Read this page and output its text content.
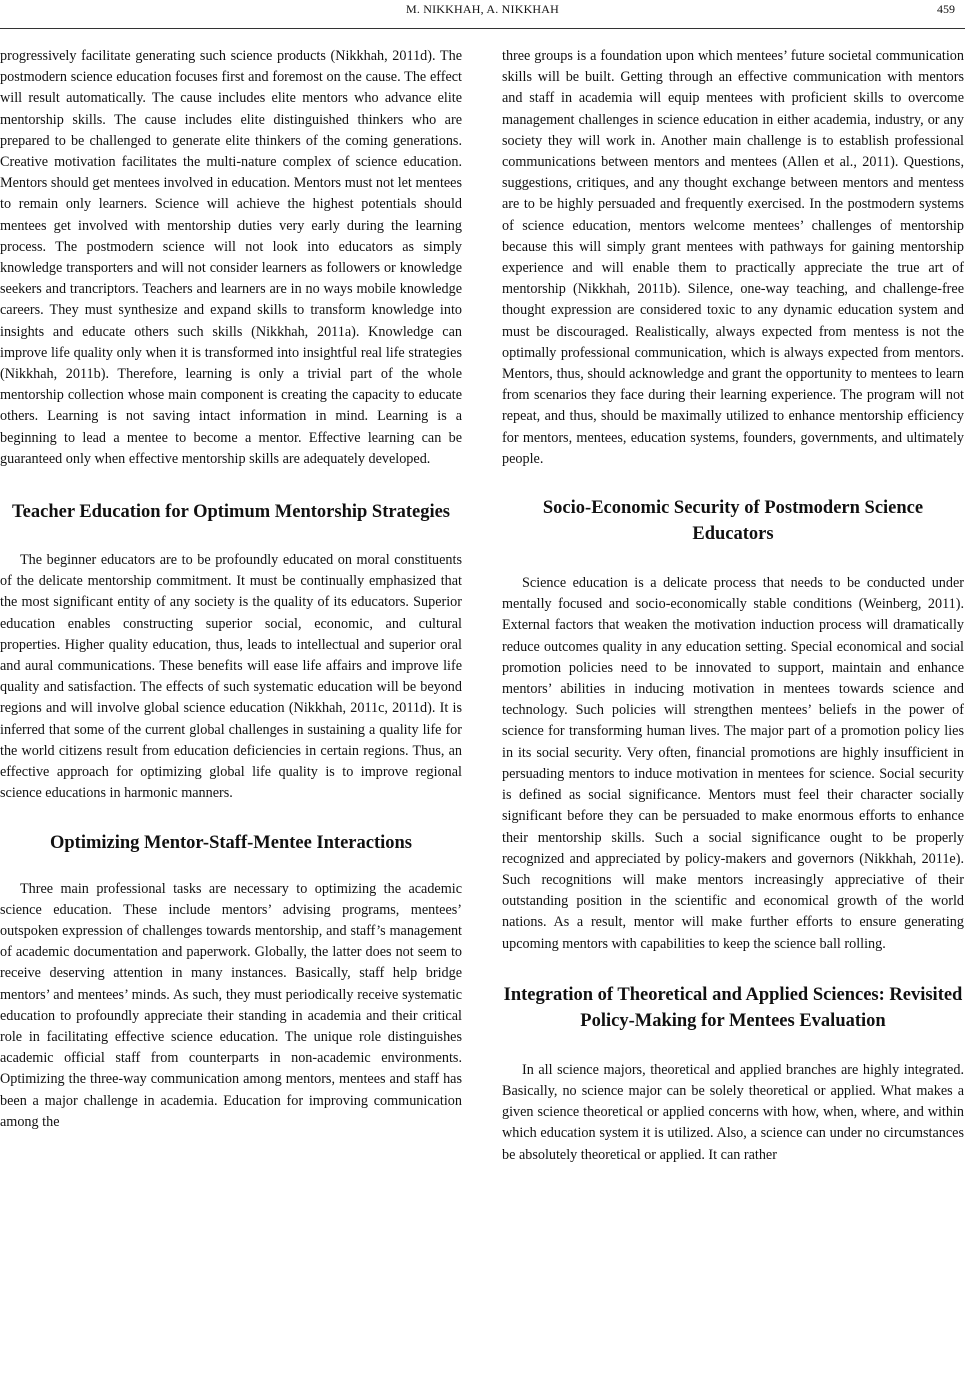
M. NIKKHAH, A. NIKKHAH	459

progressively facilitate generating such science products (Nikkhah, 2011d). The postmodern science education focuses first and foremost on the cause. The effect will result automatically. The cause includes elite mentors who advance elite mentorship skills. The cause includes elite distinguished thinkers who are prepared to be challenged to generate elite thinkers of the coming generations. Creative motivation facilitates the multi-nature complex of science education. Mentors should get mentees involved in education. Mentors must not let mentees to remain only learners. Science will achieve the highest potentials should mentees get involved with mentorship duties very early during the learning process. The postmodern science will not look into educators as simply knowledge transporters and will not consider learners as followers or knowledge seekers and trancriptors. Teachers and learners are in no ways mobile knowledge careers. They must synthesize and expand skills to transform knowledge into insights and educate others such skills (Nikkhah, 2011a). Knowledge can improve life quality only when it is transformed into insightful real life strategies (Nikkhah, 2011b). Therefore, learning is only a trivial part of the whole mentorship collection whose main component is creating the capacity to educate others. Learning is not saving intact information in mind. Learning is a beginning to lead a mentee to become a mentor. Effective learning can be guaranteed only when effective mentorship skills are adequately developed.

Teacher Education for Optimum Mentorship Strategies

The beginner educators are to be profoundly educated on moral constituents of the delicate mentorship commitment. It must be continually emphasized that the most significant entity of any society is the quality of its educators. Superior education enables constructing superior social, economic, and cultural properties. Higher quality education, thus, leads to intellectual and superior oral and aural communications. These benefits will ease life affairs and improve life quality and satisfaction. The effects of such systematic education will be beyond regions and will involve global science education (Nikkhah, 2011c, 2011d). It is inferred that some of the current global challenges in sustaining a quality life for the world citizens result from education deficiencies in certain regions. Thus, an effective approach for optimizing global life quality is to improve regional science educations in harmonic manners.

Optimizing Mentor-Staff-Mentee Interactions

Three main professional tasks are necessary to optimizing the academic science education. These include mentors’ advising programs, mentees’ outspoken expression of challenges towards mentorship, and staff’s management of academic documentation and paperwork. Globally, the latter does not seem to receive deserving attention in many instances. Basically, staff help bridge mentors’ and mentees’ minds. As such, they must periodically receive systematic education to profoundly appreciate their standing in academia and their critical role in facilitating effective science education. The unique role distinguishes academic official staff from counterparts in non-academic environments. Optimizing the three-way communication among mentors, mentees and staff has been a major challenge in academia. Education for improving communication among the

three groups is a foundation upon which mentees’ future societal communication skills will be built. Getting through an effective communication with mentors and staff in academia will equip mentees with proficient skills to overcome management challenges in science education in either academia, industry, or any society they will work in. Another main challenge is to establish professional communications between mentors and mentees (Allen et al., 2011). Questions, suggestions, critiques, and any thought exchange between mentors and mentess are to be highly persuaded and frequently exercised. In the postmodern systems of science education, mentors welcome mentees’ challenges of mentorship because this will simply grant mentees with pathways for gaining mentorship experience and will enable them to practically appreciate the true art of mentorship (Nikkhah, 2011b). Silence, one-way teaching, and challenge-free thought expression are considered toxic to any dynamic education system and must be discouraged. Realistically, always expected from mentess is not the optimally professional communication, which is always expected from mentors. Mentors, thus, should acknowledge and grant the opportunity to mentees to learn from scenarios they face during their learning experience. The program will not repeat, and thus, should be maximally utilized to enhance mentorship efficiency for mentors, mentees, education systems, founders, governments, and ultimately people.

Socio-Economic Security of Postmodern Science Educators

Science education is a delicate process that needs to be conducted under mentally focused and socio-economically stable conditions (Weinberg, 2011). External factors that weaken the motivation induction process will dramatically reduce outcomes quality in any education setting. Special economical and social promotion policies need to be innovated to support, maintain and enhance mentors’ abilities in inducing motivation in mentees towards science and technology. Such policies will strengthen mentees’ beliefs in the power of science for transforming human lives. The major part of a promotion policy lies in its social security. Very often, financial promotions are highly insufficient in persuading mentors to induce motivation in mentees for science. Social security is defined as social significance. Mentors must feel their character socially significant before they can be persuaded to make enormous efforts to enhance their mentorship skills. Such a social significance ought to be properly recognized and appreciated by policy-makers and governors (Nikkhah, 2011e). Such recognitions will make mentors increasingly appreciative of their outstanding position in the scientific and economical growth of the world nations. As a result, mentor will make further efforts to ensure generating upcoming mentors with capabilities to keep the science ball rolling.

Integration of Theoretical and Applied Sciences: Revisited Policy-Making for Mentees Evaluation

In all science majors, theoretical and applied branches are highly integrated. Basically, no science major can be solely theoretical or applied. What makes a given science theoretical or applied concerns with how, when, where, and within which education system it is utilized. Also, a science can under no circumstances be absolutely theoretical or applied. It can rather
